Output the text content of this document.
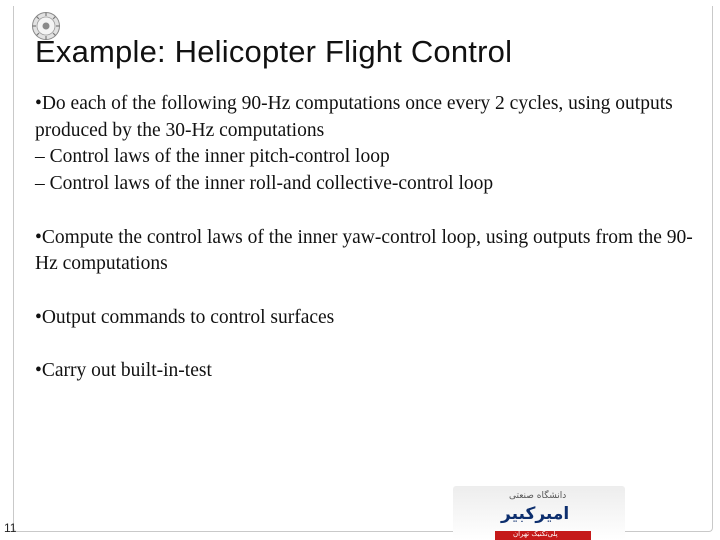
Example: Helicopter Flight Control

•Do each of the following 90-Hz computations once every 2 cycles, using outputs produced by the 30-Hz computations

– Control laws of the inner pitch-control loop

– Control laws of the inner roll-and collective-control loop

•Compute the control laws of the inner yaw-control loop, using outputs from the 90-Hz computations

•Output commands to control surfaces

•Carry out built-in-test

11
دانشگاه صنعتی
امیرکبیر
پلی‌تکنیک تهران
